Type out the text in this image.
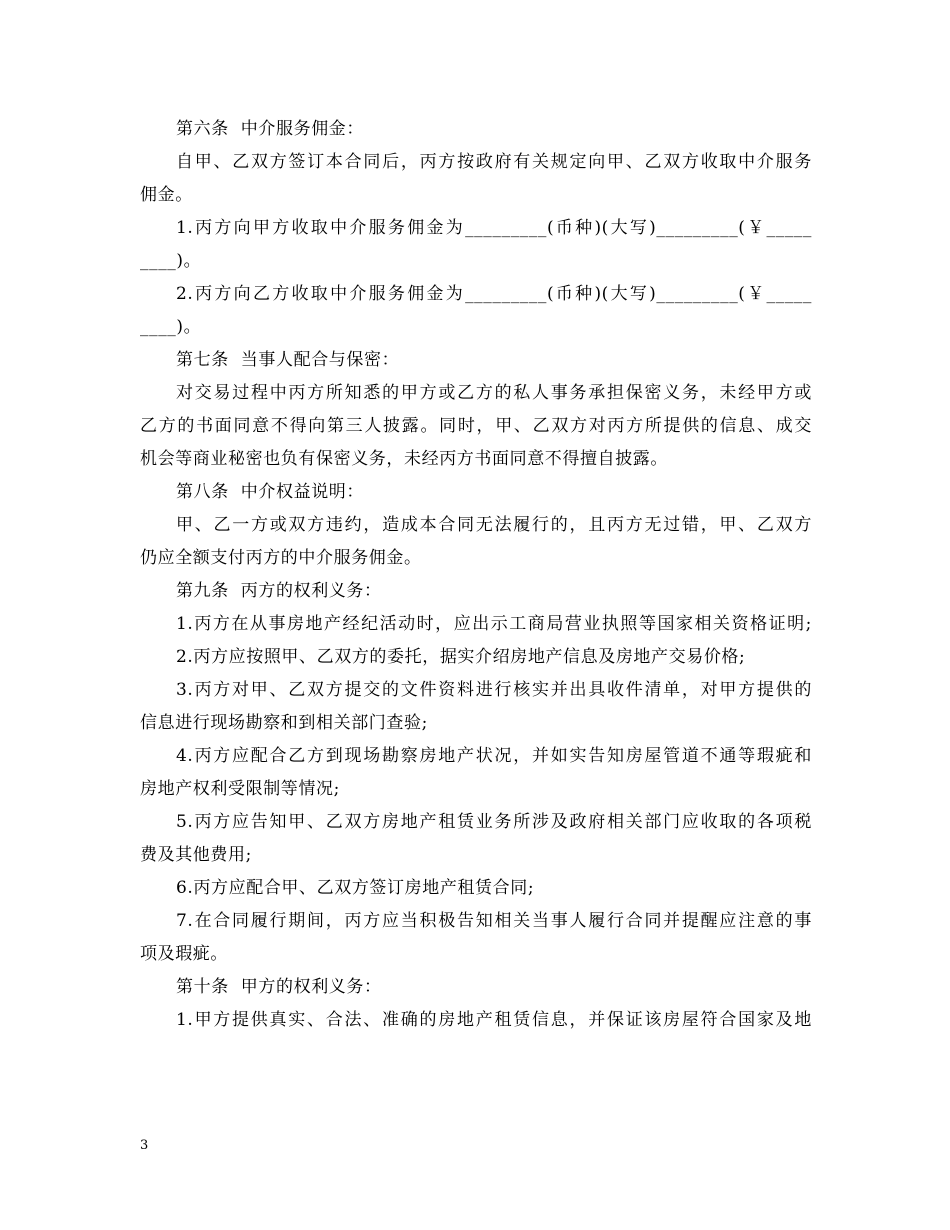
第六条  中介服务佣金：
自甲、乙双方签订本合同后，丙方按政府有关规定向甲、乙双方收取中介服务
佣金。
1.丙方向甲方收取中介服务佣金为_________(币种)(大写)_________(￥_____
____)。
2.丙方向乙方收取中介服务佣金为_________(币种)(大写)_________(￥_____
____)。
第七条  当事人配合与保密：
对交易过程中丙方所知悉的甲方或乙方的私人事务承担保密义务，未经甲方或
乙方的书面同意不得向第三人披露。同时，甲、乙双方对丙方所提供的信息、成交
机会等商业秘密也负有保密义务，未经丙方书面同意不得擅自披露。
第八条  中介权益说明：
甲、乙一方或双方违约，造成本合同无法履行的，且丙方无过错，甲、乙双方
仍应全额支付丙方的中介服务佣金。
第九条  丙方的权利义务：
1.丙方在从事房地产经纪活动时，应出示工商局营业执照等国家相关资格证明;
2.丙方应按照甲、乙双方的委托，据实介绍房地产信息及房地产交易价格;
3.丙方对甲、乙双方提交的文件资料进行核实并出具收件清单，对甲方提供的
信息进行现场勘察和到相关部门查验;
4.丙方应配合乙方到现场勘察房地产状况，并如实告知房屋管道不通等瑕疵和
房地产权利受限制等情况;
5.丙方应告知甲、乙双方房地产租赁业务所涉及政府相关部门应收取的各项税
费及其他费用;
6.丙方应配合甲、乙双方签订房地产租赁合同;
7.在合同履行期间，丙方应当积极告知相关当事人履行合同并提醒应注意的事
项及瑕疵。
第十条  甲方的权利义务：
1.甲方提供真实、合法、准确的房地产租赁信息，并保证该房屋符合国家及地
3
